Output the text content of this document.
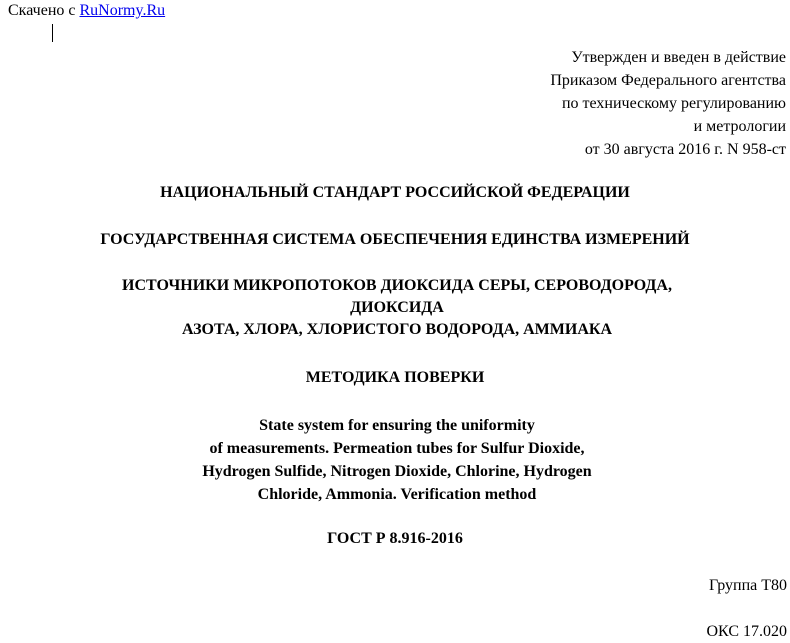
Скачено с RuNormy.Ru
Утвержден и введен в действие
Приказом Федерального агентства
по техническому регулированию
и метрологии
от 30 августа 2016 г. N 958-ст
НАЦИОНАЛЬНЫЙ СТАНДАРТ РОССИЙСКОЙ ФЕДЕРАЦИИ
ГОСУДАРСТВЕННАЯ СИСТЕМА ОБЕСПЕЧЕНИЯ ЕДИНСТВА ИЗМЕРЕНИЙ
ИСТОЧНИКИ МИКРОПОТОКОВ ДИОКСИДА СЕРЫ, СЕРОВОДОРОДА,
ДИОКСИДА
АЗОТА, ХЛОРА, ХЛОРИСТОГО ВОДОРОДА, АММИАКА
МЕТОДИКА ПОВЕРКИ
State system for ensuring the uniformity
of measurements. Permeation tubes for Sulfur Dioxide,
Hydrogen Sulfide, Nitrogen Dioxide, Chlorine, Hydrogen
Chloride, Ammonia. Verification method
ГОСТ Р 8.916-2016
Группа Т80
ОКС 17.020
